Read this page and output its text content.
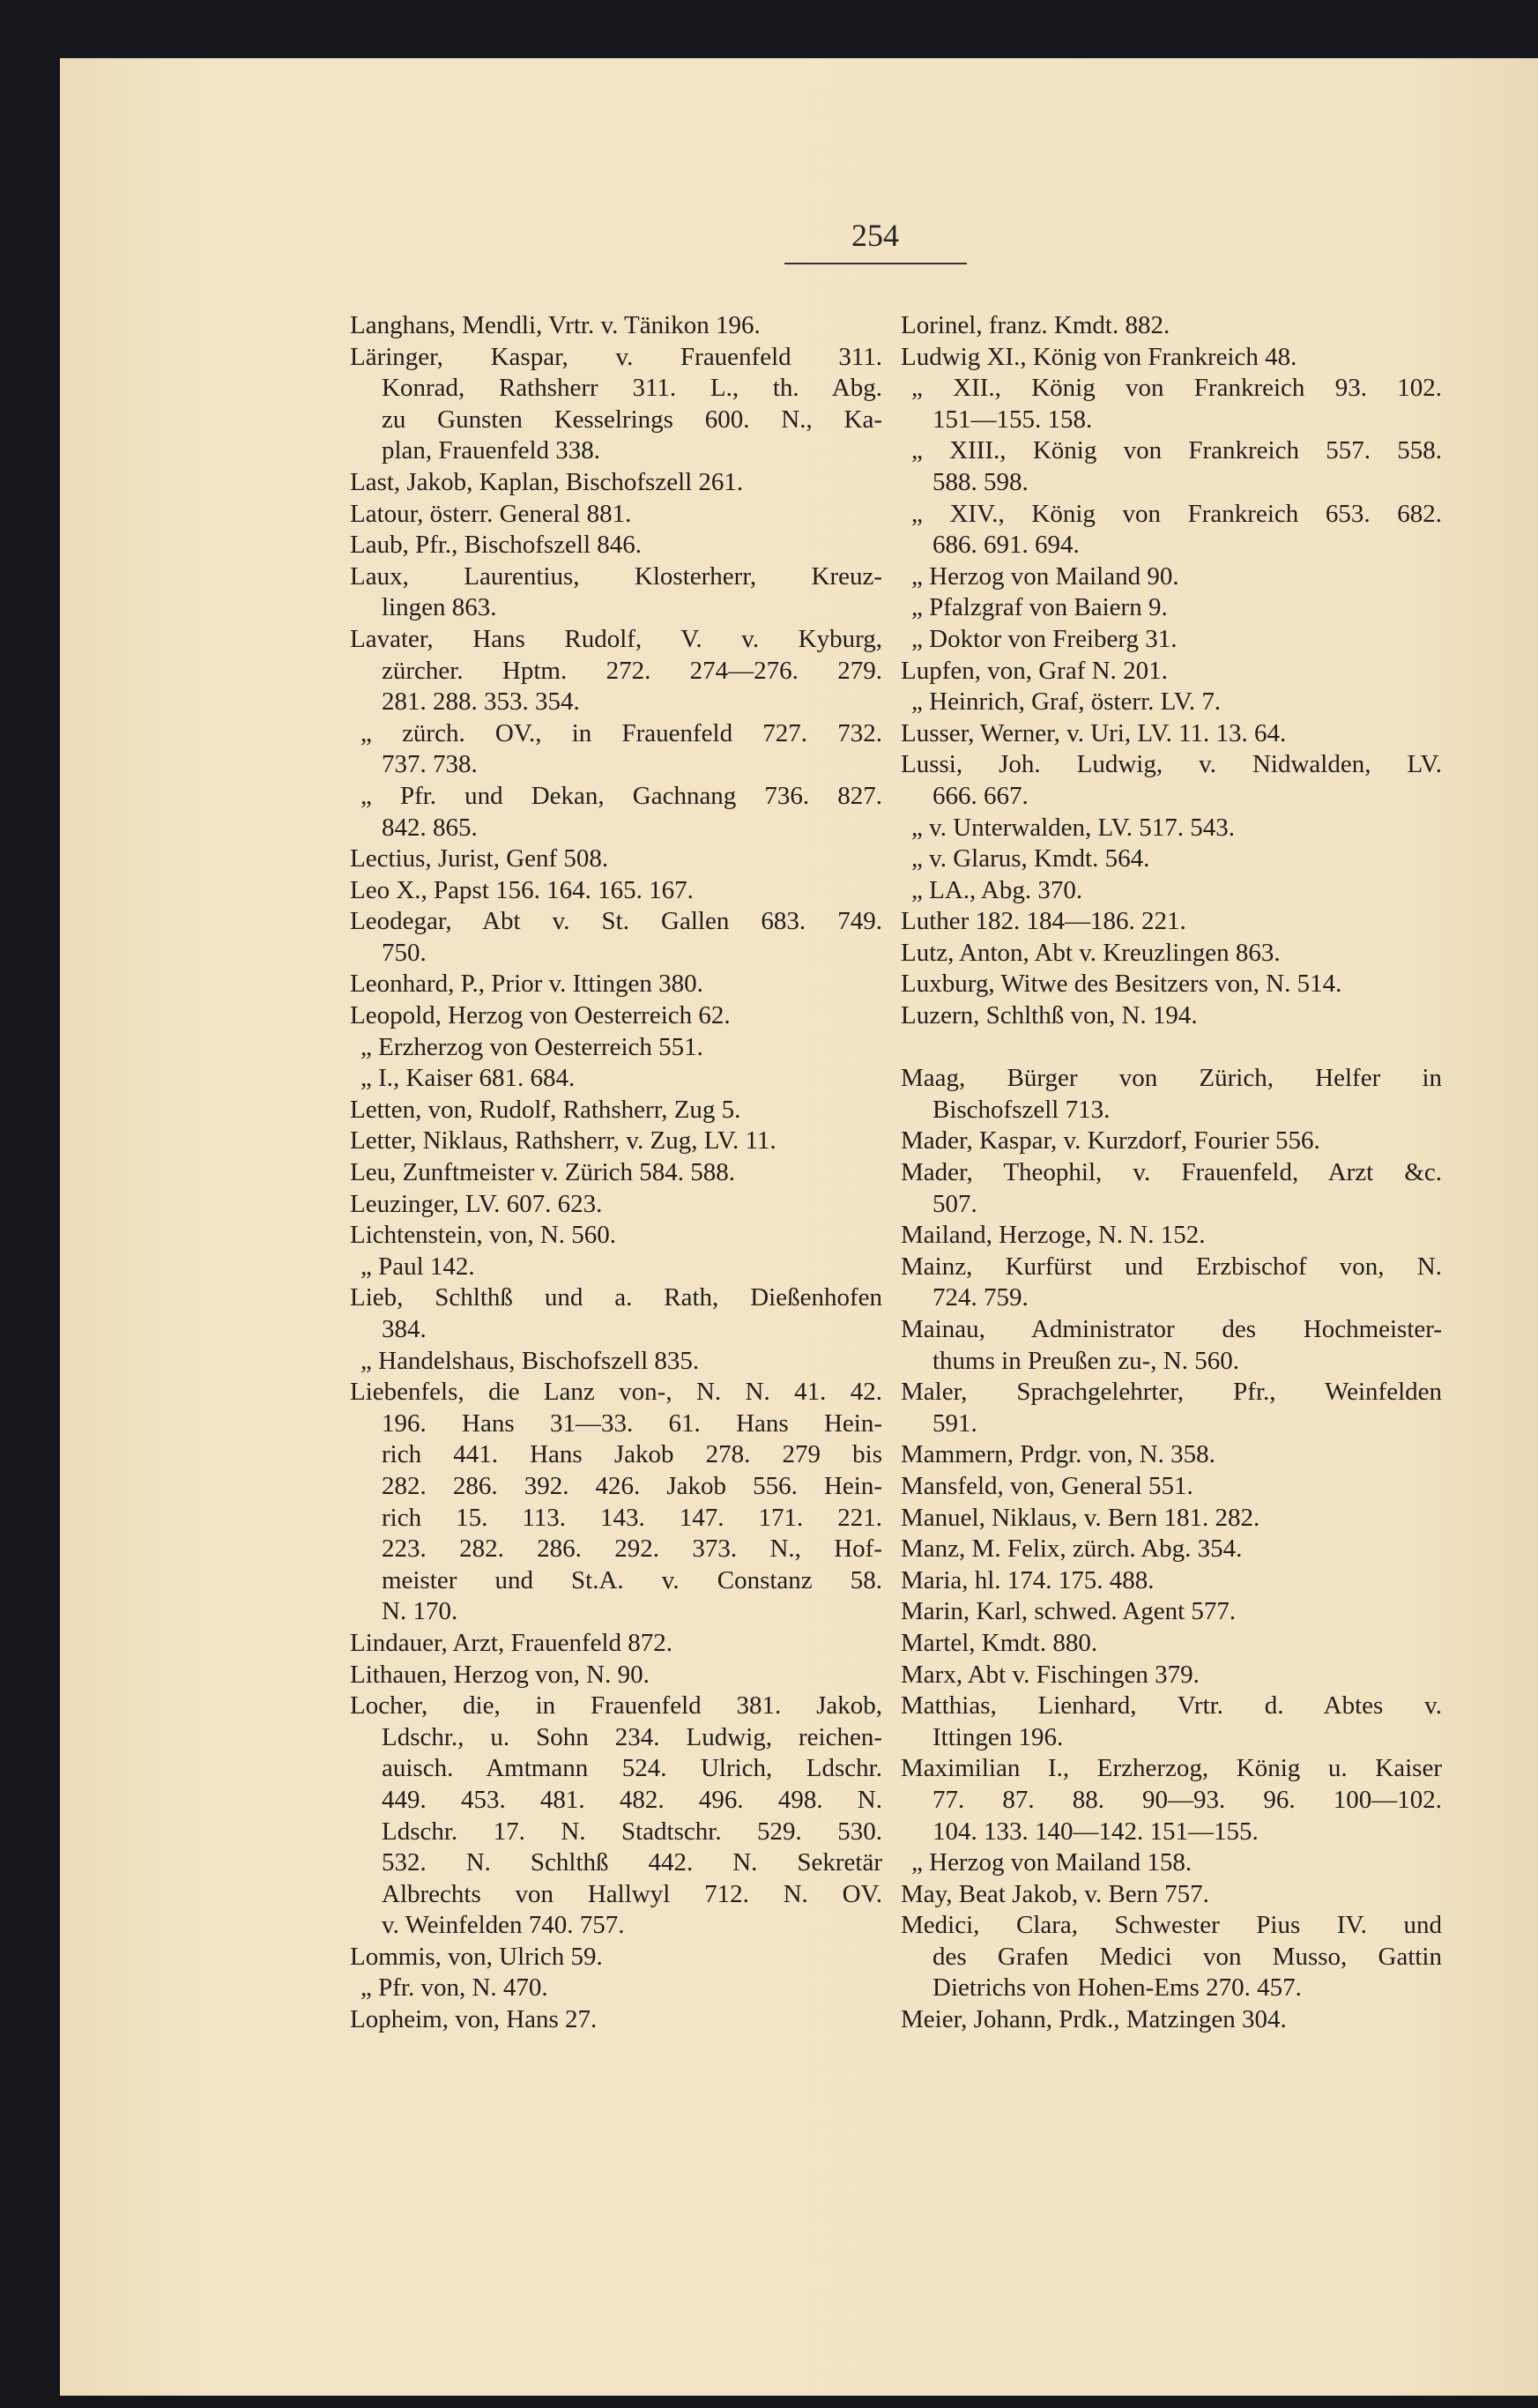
254
Langhans, Mendli, Vrtr. v. Tänikon 196.
Läringer, Kaspar, v. Frauenfeld 311.
Konrad, Rathsherr 311. L., th. Abg.
zu Gunsten Kesselrings 600. N., Ka-
plan, Frauenfeld 338.
Last, Jakob, Kaplan, Bischofszell 261.
Latour, österr. General 881.
Laub, Pfr., Bischofszell 846.
Laux, Laurentius, Klosterherr, Kreuz-
lingen 863.
Lavater, Hans Rudolf, V. v. Kyburg,
zürcher. Hptm. 272. 274—276. 279.
281. 288. 353. 354.
„ zürch. OV., in Frauenfeld 727. 732.
737. 738.
„ Pfr. und Dekan, Gachnang 736. 827.
842. 865.
Lectius, Jurist, Genf 508.
Leo X., Papst 156. 164. 165. 167.
Leodegar, Abt v. St. Gallen 683. 749.
750.
Leonhard, P., Prior v. Ittingen 380.
Leopold, Herzog von Oesterreich 62.
„ Erzherzog von Oesterreich 551.
„ I., Kaiser 681. 684.
Letten, von, Rudolf, Rathsherr, Zug 5.
Letter, Niklaus, Rathsherr, v. Zug, LV. 11.
Leu, Zunftmeister v. Zürich 584. 588.
Leuzinger, LV. 607. 623.
Lichtenstein, von, N. 560.
„ Paul 142.
Lieb, Schlthß und a. Rath, Dießenhofen
384.
„ Handelshaus, Bischofszell 835.
Liebenfels, die Lanz von-, N. N. 41. 42.
196. Hans 31—33. 61. Hans Hein-
rich 441. Hans Jakob 278. 279 bis
282. 286. 392. 426. Jakob 556. Hein-
rich 15. 113. 143. 147. 171. 221.
223. 282. 286. 292. 373. N., Hof-
meister und St.A. v. Constanz 58.
N. 170.
Lindauer, Arzt, Frauenfeld 872.
Lithauen, Herzog von, N. 90.
Locher, die, in Frauenfeld 381. Jakob,
Ldschr., u. Sohn 234. Ludwig, reichen-
auisch. Amtmann 524. Ulrich, Ldschr.
449. 453. 481. 482. 496. 498. N.
Ldschr. 17. N. Stadtschr. 529. 530.
532. N. Schlthß 442. N. Sekretär
Albrechts von Hallwyl 712. N. OV.
v. Weinfelden 740. 757.
Lommis, von, Ulrich 59.
„ Pfr. von, N. 470.
Lopheim, von, Hans 27.
Lorinel, franz. Kmdt. 882.
Ludwig XI., König von Frankreich 48.
„ XII., König von Frankreich 93. 102.
151—155. 158.
„ XIII., König von Frankreich 557. 558.
588. 598.
„ XIV., König von Frankreich 653. 682.
686. 691. 694.
„ Herzog von Mailand 90.
„ Pfalzgraf von Baiern 9.
„ Doktor von Freiberg 31.
Lupfen, von, Graf N. 201.
„ Heinrich, Graf, österr. LV. 7.
Lusser, Werner, v. Uri, LV. 11. 13. 64.
Lussi, Joh. Ludwig, v. Nidwalden, LV.
666. 667.
„ v. Unterwalden, LV. 517. 543.
„ v. Glarus, Kmdt. 564.
„ LA., Abg. 370.
Luther 182. 184—186. 221.
Lutz, Anton, Abt v. Kreuzlingen 863.
Luxburg, Witwe des Besitzers von, N. 514.
Luzern, Schlthß von, N. 194.
Maag, Bürger von Zürich, Helfer in
Bischofszell 713.
Mader, Kaspar, v. Kurzdorf, Fourier 556.
Mader, Theophil, v. Frauenfeld, Arzt &c.
507.
Mailand, Herzoge, N. N. 152.
Mainz, Kurfürst und Erzbischof von, N.
724. 759.
Mainau, Administrator des Hochmeister-
thums in Preußen zu-, N. 560.
Maler, Sprachgelehrter, Pfr., Weinfelden
591.
Mammern, Prdgr. von, N. 358.
Mansfeld, von, General 551.
Manuel, Niklaus, v. Bern 181. 282.
Manz, M. Felix, zürch. Abg. 354.
Maria, hl. 174. 175. 488.
Marin, Karl, schwed. Agent 577.
Martel, Kmdt. 880.
Marx, Abt v. Fischingen 379.
Matthias, Lienhard, Vrtr. d. Abtes v.
Ittingen 196.
Maximilian I., Erzherzog, König u. Kaiser
77. 87. 88. 90—93. 96. 100—102.
104. 133. 140—142. 151—155.
„ Herzog von Mailand 158.
May, Beat Jakob, v. Bern 757.
Medici, Clara, Schwester Pius IV. und
des Grafen Medici von Musso, Gattin
Dietrichs von Hohen-Ems 270. 457.
Meier, Johann, Prdk., Matzingen 304.
